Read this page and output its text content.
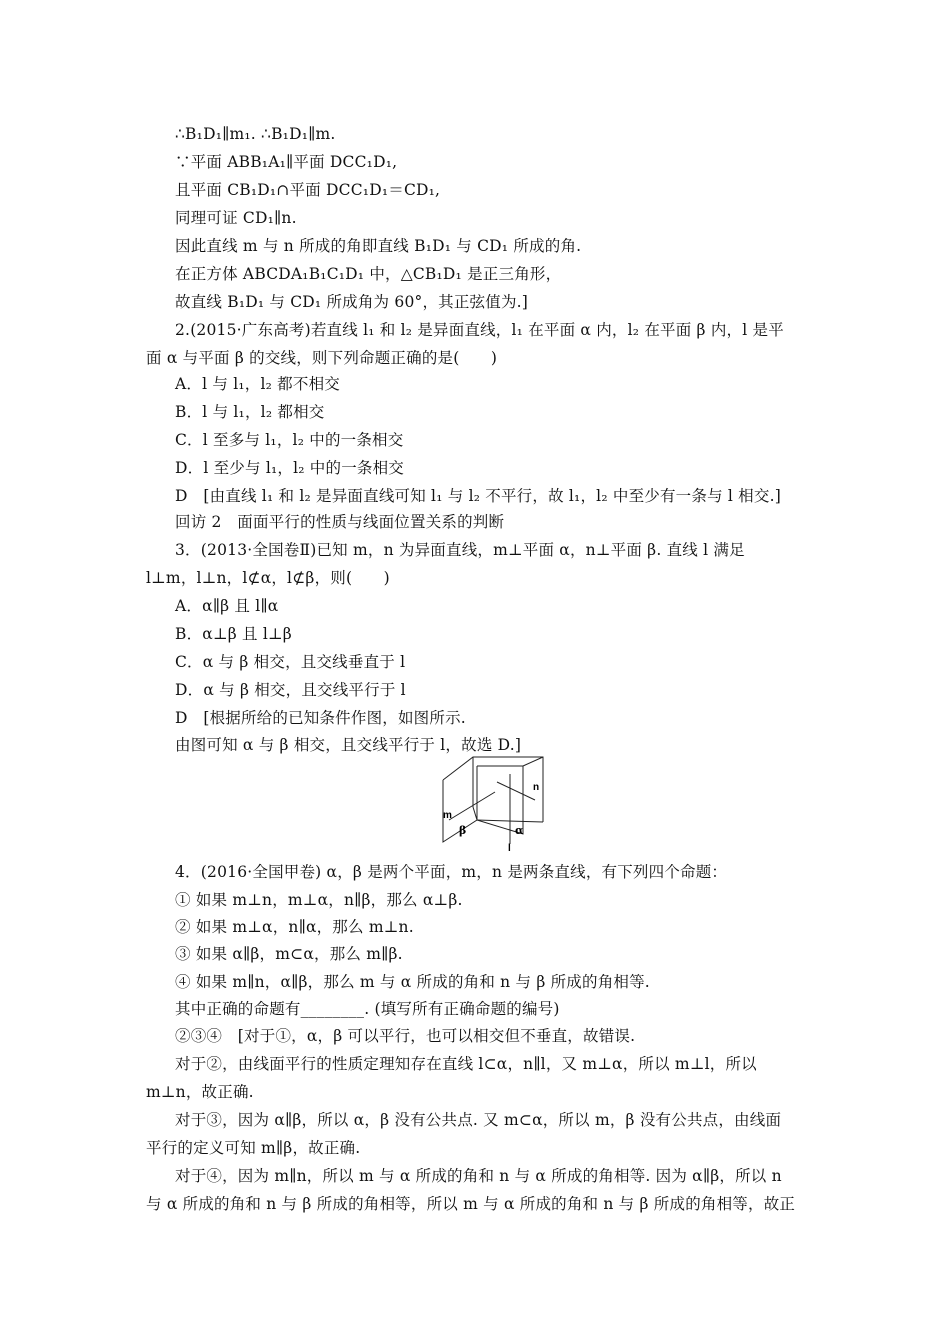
∴B₁D₁∥m₁. ∴B₁D₁∥m.
∵平面 ABB₁A₁∥平面 DCC₁D₁,
且平面 CB₁D₁∩平面 DCC₁D₁＝CD₁,
同理可证 CD₁∥n.
因此直线 m 与 n 所成的角即直线 B₁D₁ 与 CD₁ 所成的角.
在正方体 ABCDA₁B₁C₁D₁ 中，△CB₁D₁ 是正三角形，
故直线 B₁D₁ 与 CD₁ 所成角为 60°，其正弦值为.]
2.(2015·广东高考)若直线 l₁ 和 l₂ 是异面直线，l₁ 在平面 α 内，l₂ 在平面 β 内，l 是平
面 α 与平面 β 的交线，则下列命题正确的是(　　)
A．l 与 l₁，l₂ 都不相交
B．l 与 l₁，l₂ 都相交
C．l 至多与 l₁，l₂ 中的一条相交
D．l 至少与 l₁，l₂ 中的一条相交
D　[由直线 l₁ 和 l₂ 是异面直线可知 l₁ 与 l₂ 不平行，故 l₁，l₂ 中至少有一条与 l 相交.]
回访 2　面面平行的性质与线面位置关系的判断
3．(2013·全国卷Ⅱ)已知 m，n 为异面直线，m⊥平面 α，n⊥平面 β. 直线 l 满足
l⊥m，l⊥n，l⊄α，l⊄β，则(　　)
A．α∥β 且 l∥α
B．α⊥β 且 l⊥β
C．α 与 β 相交，且交线垂直于 l
D．α 与 β 相交，且交线平行于 l
D　[根据所给的已知条件作图，如图所示.
由图可知 α 与 β 相交，且交线平行于 l，故选 D.]
m
n
β	α
l
4．(2016·全国甲卷) α，β 是两个平面，m，n 是两条直线，有下列四个命题：
① 如果 m⊥n，m⊥α，n∥β，那么 α⊥β.
② 如果 m⊥α，n∥α，那么 m⊥n.
③ 如果 α∥β，m⊂α，那么 m∥β.
④ 如果 m∥n，α∥β，那么 m 与 α 所成的角和 n 与 β 所成的角相等.
其中正确的命题有________. (填写所有正确命题的编号)
②③④　[对于①，α，β 可以平行，也可以相交但不垂直，故错误.
对于②，由线面平行的性质定理知存在直线 l⊂α，n∥l，又 m⊥α，所以 m⊥l，所以
m⊥n，故正确.
对于③，因为 α∥β，所以 α，β 没有公共点. 又 m⊂α，所以 m，β 没有公共点，由线面
平行的定义可知 m∥β，故正确.
对于④，因为 m∥n，所以 m 与 α 所成的角和 n 与 α 所成的角相等. 因为 α∥β，所以 n
与 α 所成的角和 n 与 β 所成的角相等，所以 m 与 α 所成的角和 n 与 β 所成的角相等，故正
